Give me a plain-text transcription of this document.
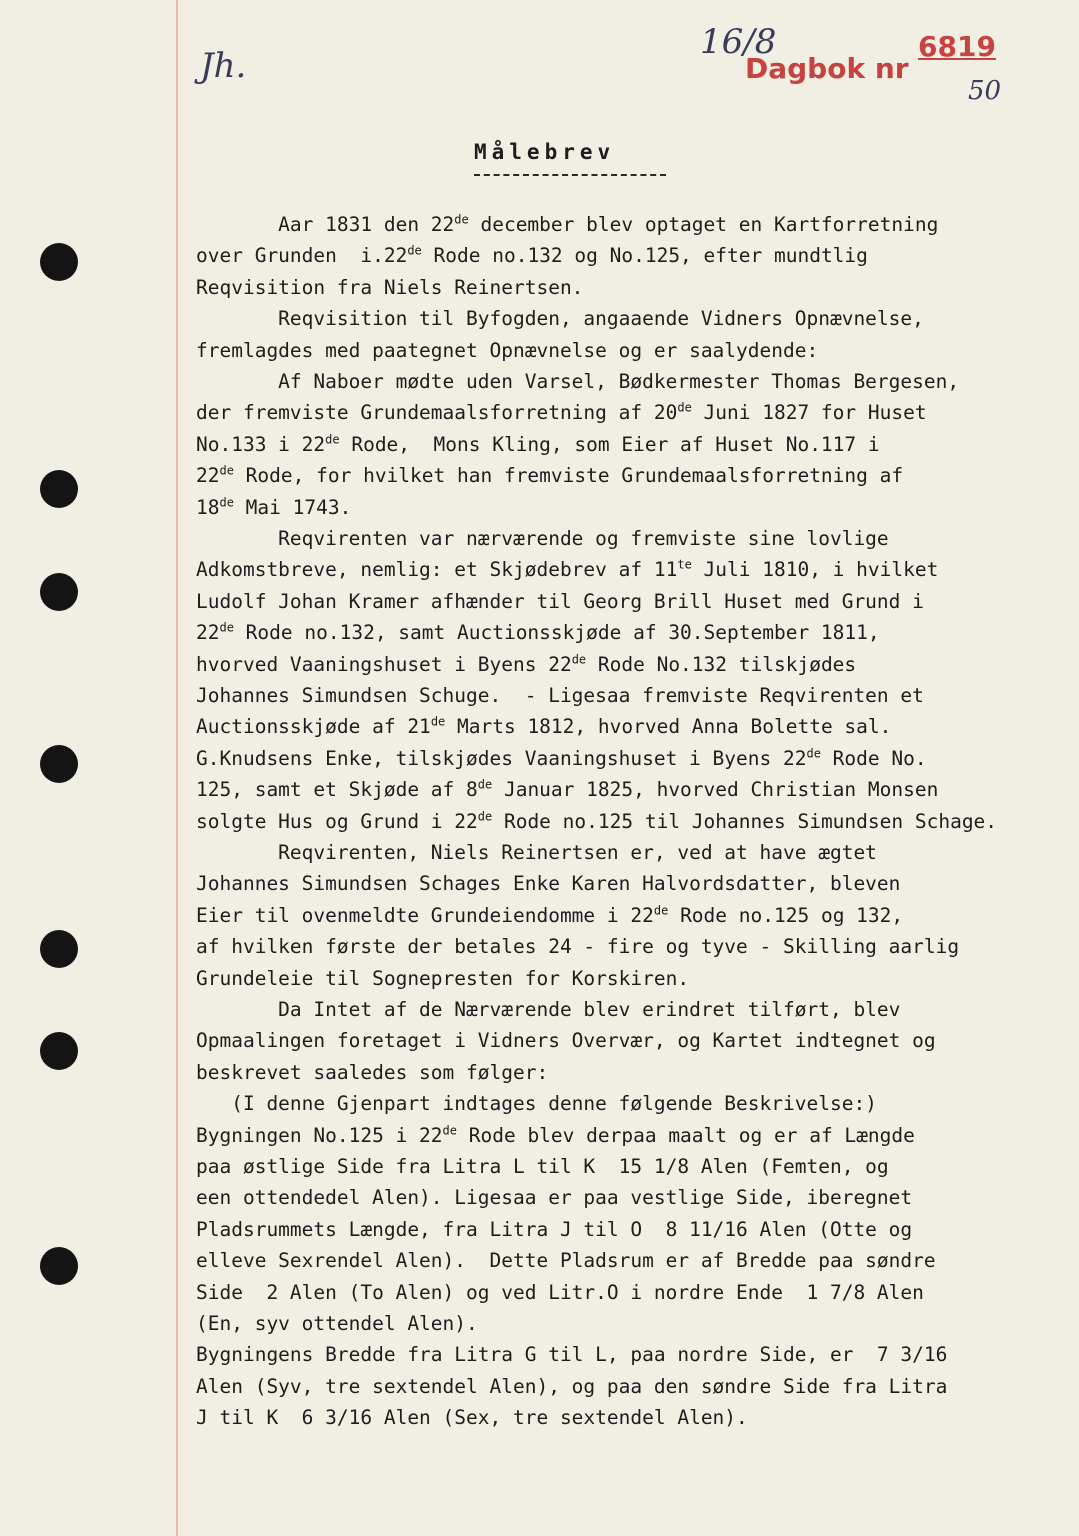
Jh.
16/8
Dagbok nr
6819
50
Målebrev
Aar 1831 den 22de december blev optaget en Kartforretning
over Grunden  i.22de Rode no.132 og No.125, efter mundtlig
Reqvisition fra Niels Reinertsen.
Reqvisition til Byfogden, angaaende Vidners Opnævnelse,
fremlagdes med paategnet Opnævnelse og er saalydende:
Af Naboer mødte uden Varsel, Bødkermester Thomas Bergesen,
der fremviste Grundemaalsforretning af 20de Juni 1827 for Huset
No.133 i 22de Rode,  Mons Kling, som Eier af Huset No.117 i
22de Rode, for hvilket han fremviste Grundemaalsforretning af
18de Mai 1743.
Reqvirenten var nærværende og fremviste sine lovlige
Adkomstbreve, nemlig: et Skjødebrev af $11^{te}$ Juli 1810, i hvilket
Ludolf Johan Kramer afhænder til Georg Brill Huset med Grund i
22de Rode no.132, samt Auctionsskjøde af 30.September 1811,
hvorved Vaaningshuset i Byens 22de Rode No.132 tilskjødes
Johannes Simundsen Schuge.  - Ligesaa fremviste Reqvirenten et
Auctionsskjøde af 21de Marts 1812, hvorved Anna Bolette sal.
G.Knudsens Enke, tilskjødes Vaaningshuset i Byens 22de Rode No.
125, samt et Skjøde af 8de Januar 1825, hvorved Christian Monsen
solgte Hus og Grund i 22de Rode no.125 til Johannes Simundsen Schage.
Reqvirenten, Niels Reinertsen er, ved at have ægtet
Johannes Simundsen Schages Enke Karen Halvordsdatter, bleven
Eier til ovenmeldte Grundeiendomme i 22de Rode no.125 og 132,
af hvilken første der betales 24 - fire og tyve - Skilling aarlig
Grundeleie til Sognepresten for Korskiren.
Da Intet af de Nærværende blev erindret tilført, blev
Opmaalingen foretaget i Vidners Overvær, og Kartet indtegnet og
beskrevet saaledes som følger:
(I denne Gjenpart indtages denne følgende Beskrivelse:)
Bygningen No.125 i 22de Rode blev derpaa maalt og er af Længde
paa østlige Side fra Litra L til K  15 1/8 Alen (Femten, og
een ottendedel Alen). Ligesaa er paa vestlige Side, iberegnet
Pladsrummets Længde, fra Litra J til O  8 11/16 Alen (Otte og
elleve Sexrendel Alen).  Dette Pladsrum er af Bredde paa søndre
Side  2 Alen (To Alen) og ved Litr.O i nordre Ende  1 7/8 Alen
(En, syv ottendel Alen).
Bygningens Bredde fra Litra G til L, paa nordre Side, er  7 3/16
Alen (Syv, tre sextendel Alen), og paa den søndre Side fra Litra
J til K  6 3/16 Alen (Sex, tre sextendel Alen).
